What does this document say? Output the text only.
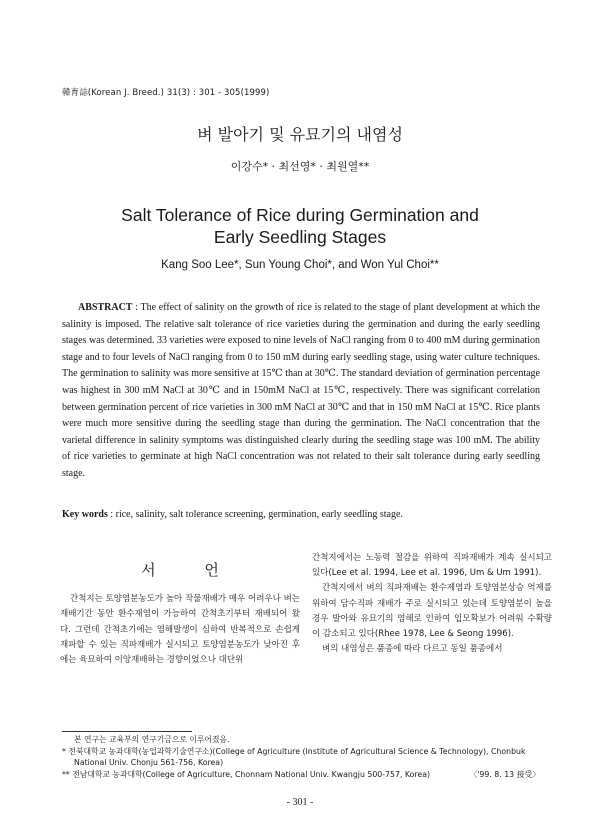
韓育誌(Korean J. Breed.) 31(3) : 301 - 305(1999)
벼 발아기 및 유묘기의 내염성
이강수* · 최선영* · 최원열**
Salt Tolerance of Rice during Germination and
Early Seedling Stages
Kang Soo Lee*, Sun Young Choi*, and Won Yul Choi**

ABSTRACT : The effect of salinity on the growth of rice is related to the stage of plant development at which the salinity is imposed. The relative salt tolerance of rice varieties during the germination and during the early seedling stages was determined. 33 varieties were exposed to nine levels of NaCl ranging from 0 to 400 mM during germination stage and to four levels of NaCl ranging from 0 to 150 mM during early seedling stage, using water culture techniques. The germination to salinity was more sensitive at 15℃ than at 30℃. The standard deviation of germination percentage was highest in 300 mM NaCl at 30℃ and in 150mM NaCl at 15℃, respectively. There was significant correlation between germination percent of rice varieties in 300 mM NaCl at 30℃ and that in 150 mM NaCl at 15℃. Rice plants were much more sensitive during the seedling stage than during the germination. The NaCl concentration that the varietal difference in salinity symptoms was distinguished clearly during the seedling stage was 100 mM. The ability of rice varieties to germinate at high NaCl concentration was not related to their salt tolerance during early seedling stage.

Key words : rice, salinity, salt tolerance screening, germination, early seedling stage.

서 언

간척지는 토양염분농도가 높아 작물재배가 매우 어려우나 벼는 재배기간 동안 환수재염이 가능하여 간척초기부터 재배되어 왔다. 그런데 간척초기에는 염해발생이 심하여 반복적으로 손쉽게 재파할 수 있는 직파재배가 실시되고 토양염분농도가 낮아진 후에는 육묘하여 이앙재배하는 경향이었으나 대단위

간척지에서는 노동력 절감을 위하여 직파재배가 계속 실시되고 있다(Lee et al. 1994, Lee et al. 1996, Um & Um 1991).

간척지에서 벼의 직파재배는 환수제염과 토양염분상승 억제를 위하여 담수직파 재배가 주로 실시되고 있는데 토양염분이 높을 경우 발아와 유묘기의 염해로 인하여 입모확보가 어려워 수확량이 감소되고 있다(Rhee 1978, Lee & Seong 1996).

벼의 내염성은 품종에 따라 다르고 동일 품종에서

본 연구는 교육부의 연구기금으로 이루어졌음.
* 전북대학교 농과대학(농업과학기술연구소)(College of Agriculture (Institute of Agricultural Science & Technology), Chonbuk
National Univ. Chonju 561-756, Korea)
** 전남대학교 농과대학(College of Agriculture, Chonnam National Univ. Kwangju 500-757, Korea)	〈'99. 8. 13 接受〉
- 301 -
